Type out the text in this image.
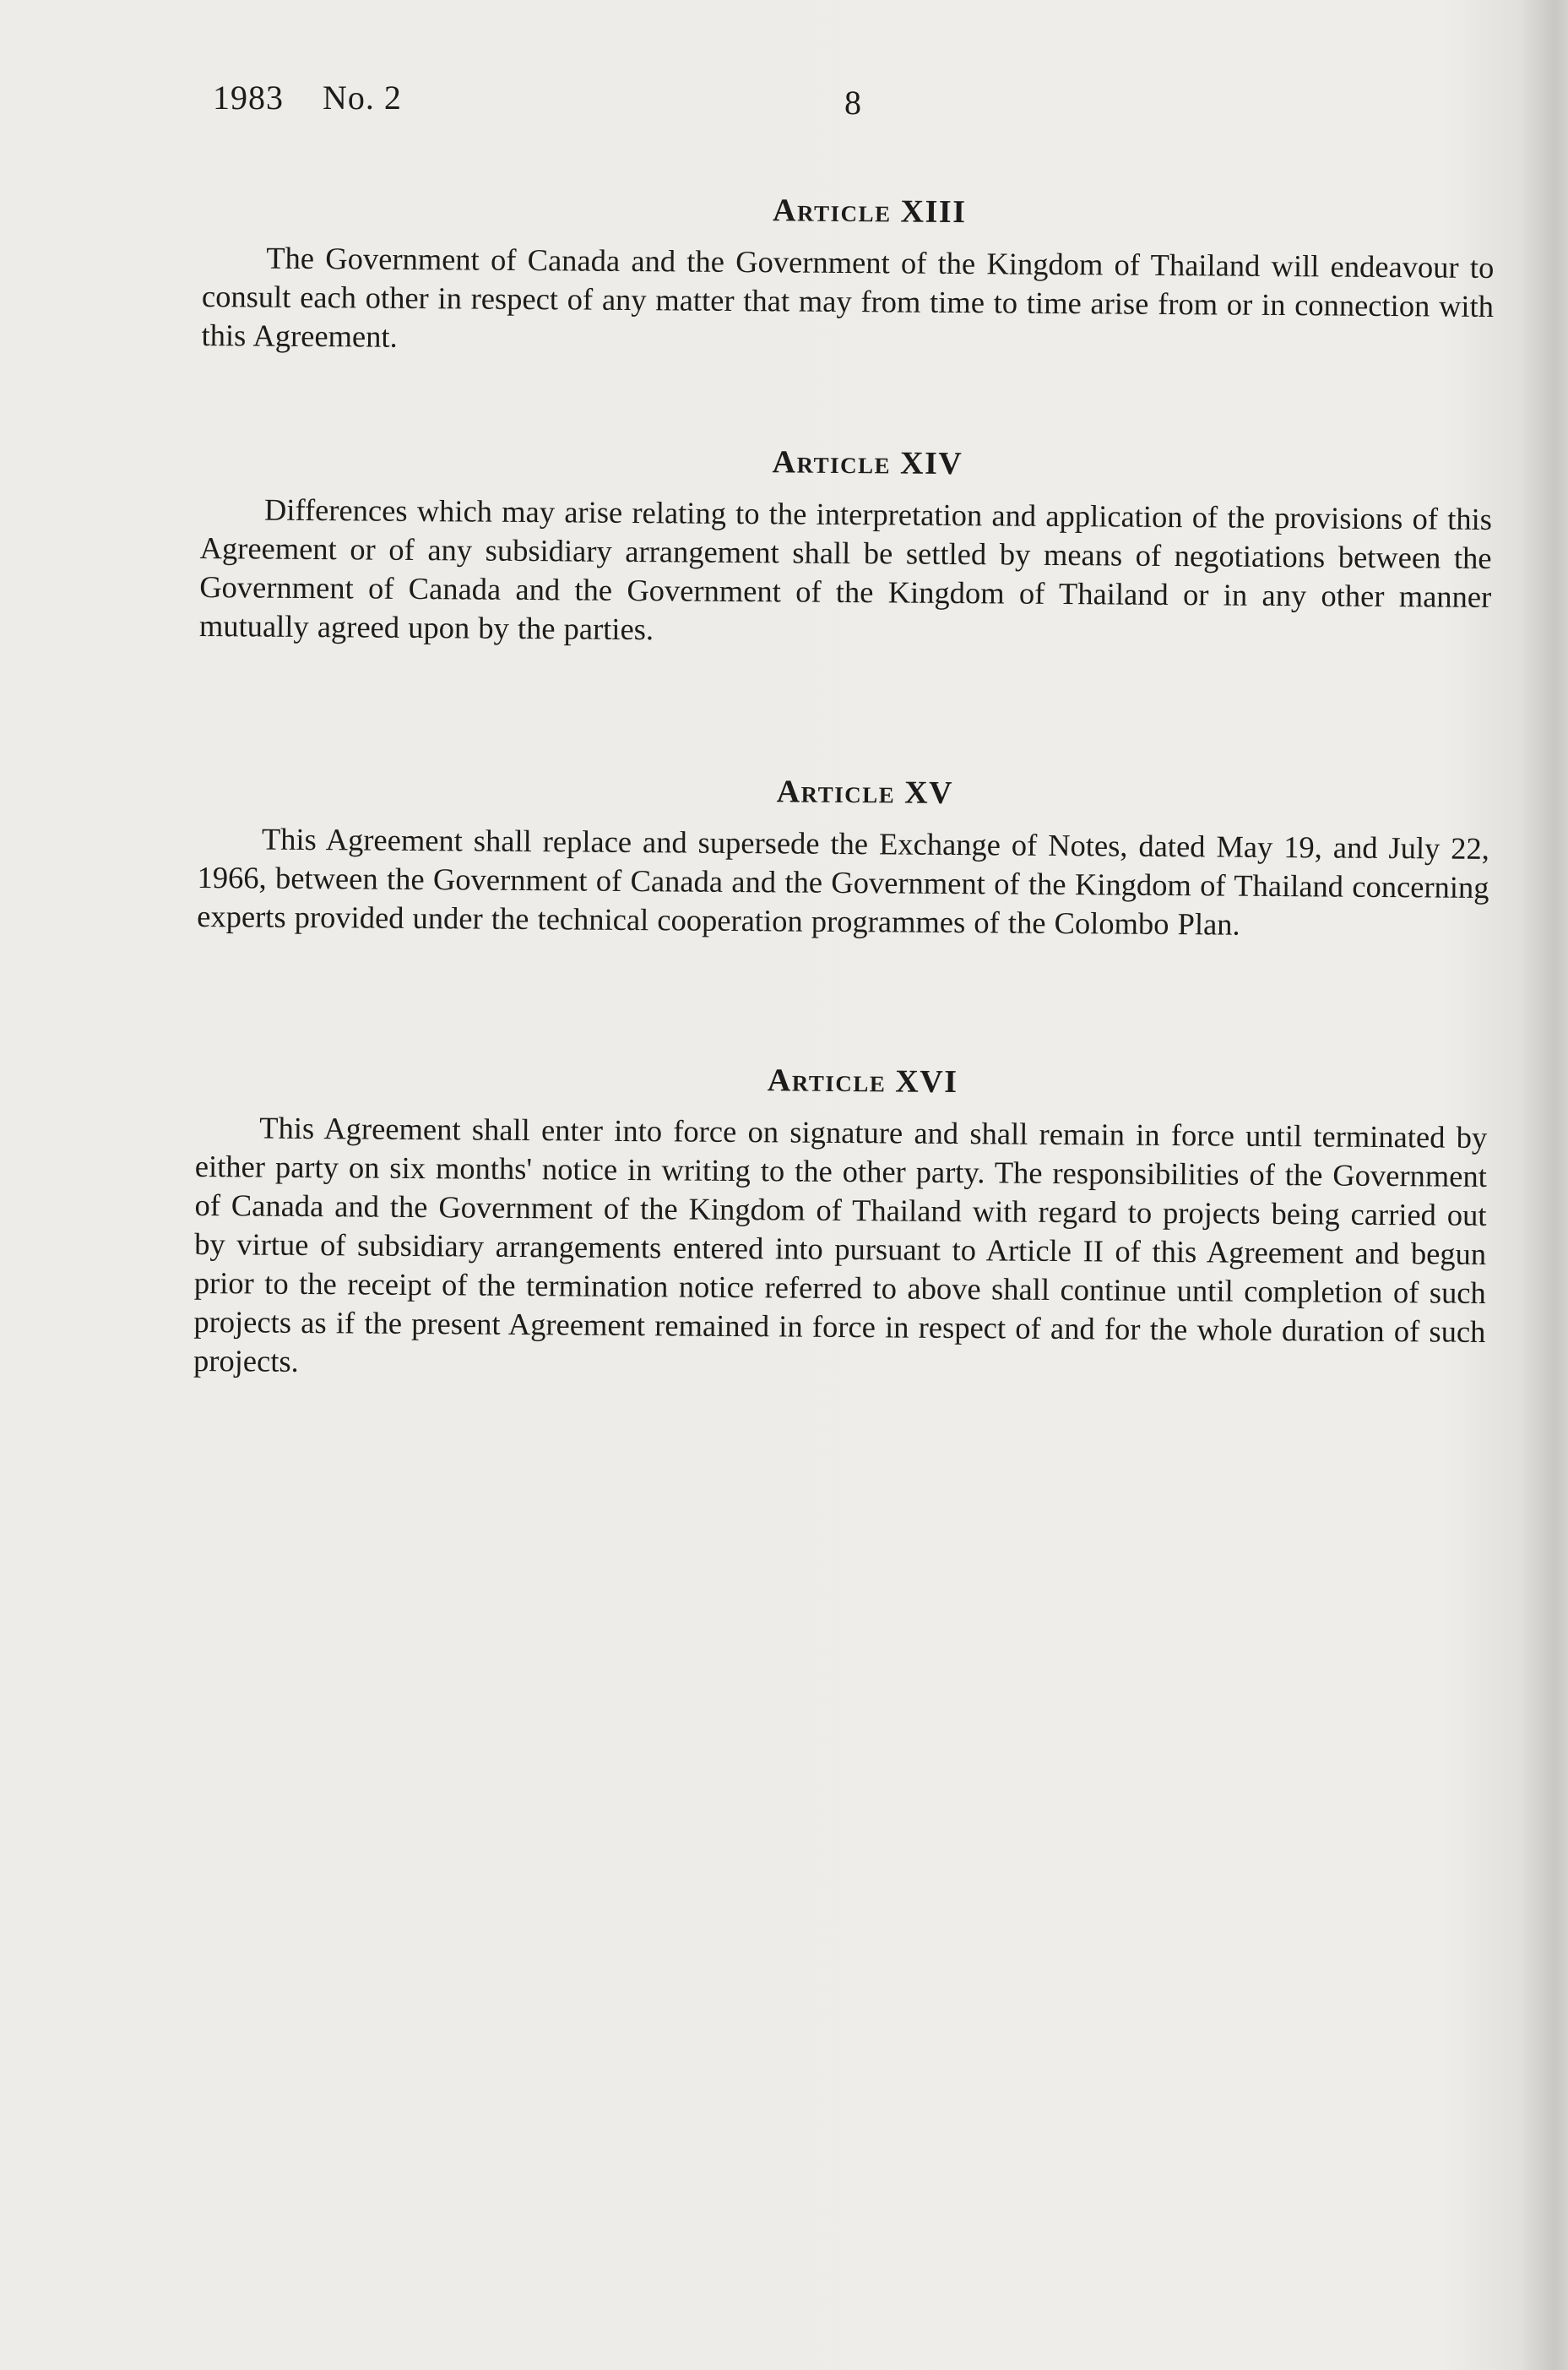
1983 No. 2	8
Article XIII

The Government of Canada and the Government of the Kingdom of Thailand will endeavour to consult each other in respect of any matter that may from time to time arise from or in connection with this Agreement.

Article XIV

Differences which may arise relating to the interpretation and application of the provisions of this Agreement or of any subsidiary arrangement shall be settled by means of negotiations between the Government of Canada and the Government of the Kingdom of Thailand or in any other manner mutually agreed upon by the parties.

Article XV

This Agreement shall replace and supersede the Exchange of Notes, dated May 19, and July 22, 1966, between the Government of Canada and the Government of the Kingdom of Thailand concerning experts provided under the technical cooperation programmes of the Colombo Plan.

Article XVI

This Agreement shall enter into force on signature and shall remain in force until terminated by either party on six months' notice in writing to the other party. The responsibilities of the Government of Canada and the Government of the Kingdom of Thailand with regard to projects being carried out by virtue of subsidiary arrangements entered into pursuant to Article II of this Agreement and begun prior to the receipt of the termination notice referred to above shall continue until completion of such projects as if the present Agreement remained in force in respect of and for the whole duration of such projects.
